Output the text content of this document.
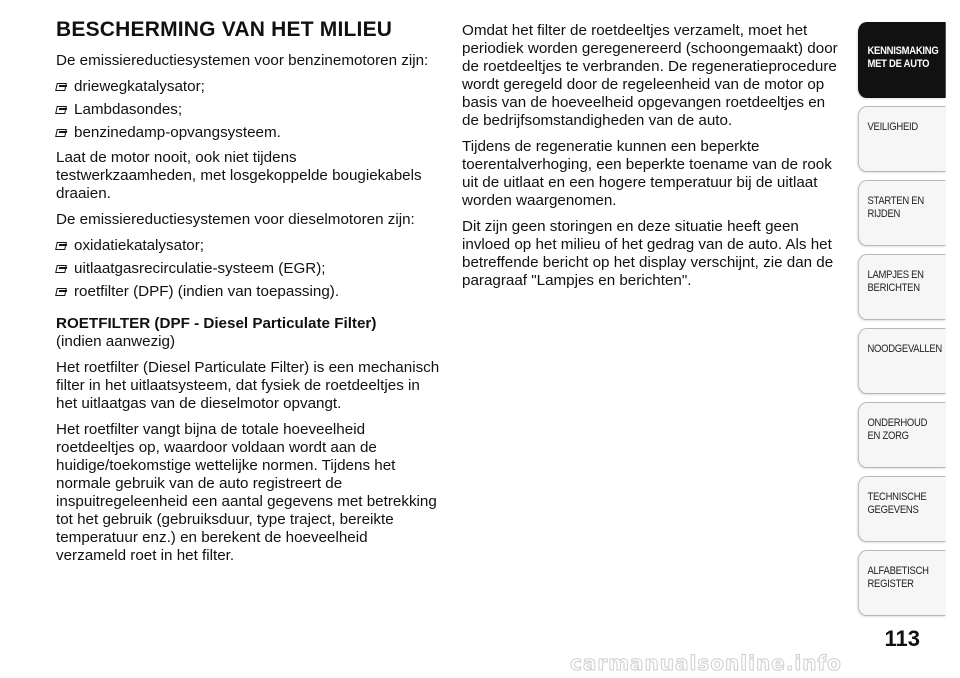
BESCHERMING VAN HET MILIEU

De emissiereductiesystemen voor benzinemotoren zijn:

driewegkatalysator;
Lambdasondes;
benzinedamp-opvangsysteem.

Laat de motor nooit, ook niet tijdens testwerkzaamheden, met losgekoppelde bougiekabels draaien.

De emissiereductiesystemen voor dieselmotoren zijn:

oxidatiekatalysator;
uitlaatgasrecirculatie-systeem (EGR);
roetfilter (DPF) (indien van toepassing).
ROETFILTER (DPF - Diesel Particulate Filter)
(indien aanwezig)

Het roetfilter (Diesel Particulate Filter) is een mechanisch filter in het uitlaatsysteem, dat fysiek de roetdeeltjes in het uitlaatgas van de dieselmotor opvangt.

Het roetfilter vangt bijna de totale hoeveelheid roetdeeltjes op, waardoor voldaan wordt aan de huidige/toekomstige wettelijke normen. Tijdens het normale gebruik van de auto registreert de inspuitregeleenheid een aantal gegevens met betrekking tot het gebruik (gebruiksduur, type traject, bereikte temperatuur enz.) en berekent de hoeveelheid verzameld roet in het filter.

Omdat het filter de roetdeeltjes verzamelt, moet het periodiek worden geregenereerd (schoongemaakt) door de roetdeeltjes te verbranden. De regeneratieprocedure wordt geregeld door de regeleenheid van de motor op basis van de hoeveelheid opgevangen roetdeeltjes en de bedrijfsomstandigheden van de auto.

Tijdens de regeneratie kunnen een beperkte toerentalverhoging, een beperkte toename van de rook uit de uitlaat en een hogere temperatuur bij de uitlaat worden waargenomen.

Dit zijn geen storingen en deze situatie heeft geen invloed op het milieu of het gedrag van de auto. Als het betreffende bericht op het display verschijnt, zie dan de paragraaf "Lampjes en berichten".

KENNISMAKING MET DE AUTO
VEILIGHEID
STARTEN EN RIJDEN
LAMPJES EN BERICHTEN
NOODGEVALLEN
ONDERHOUD EN ZORG
TECHNISCHE GEGEVENS
ALFABETISCH REGISTER
113
carmanualsonline.info
